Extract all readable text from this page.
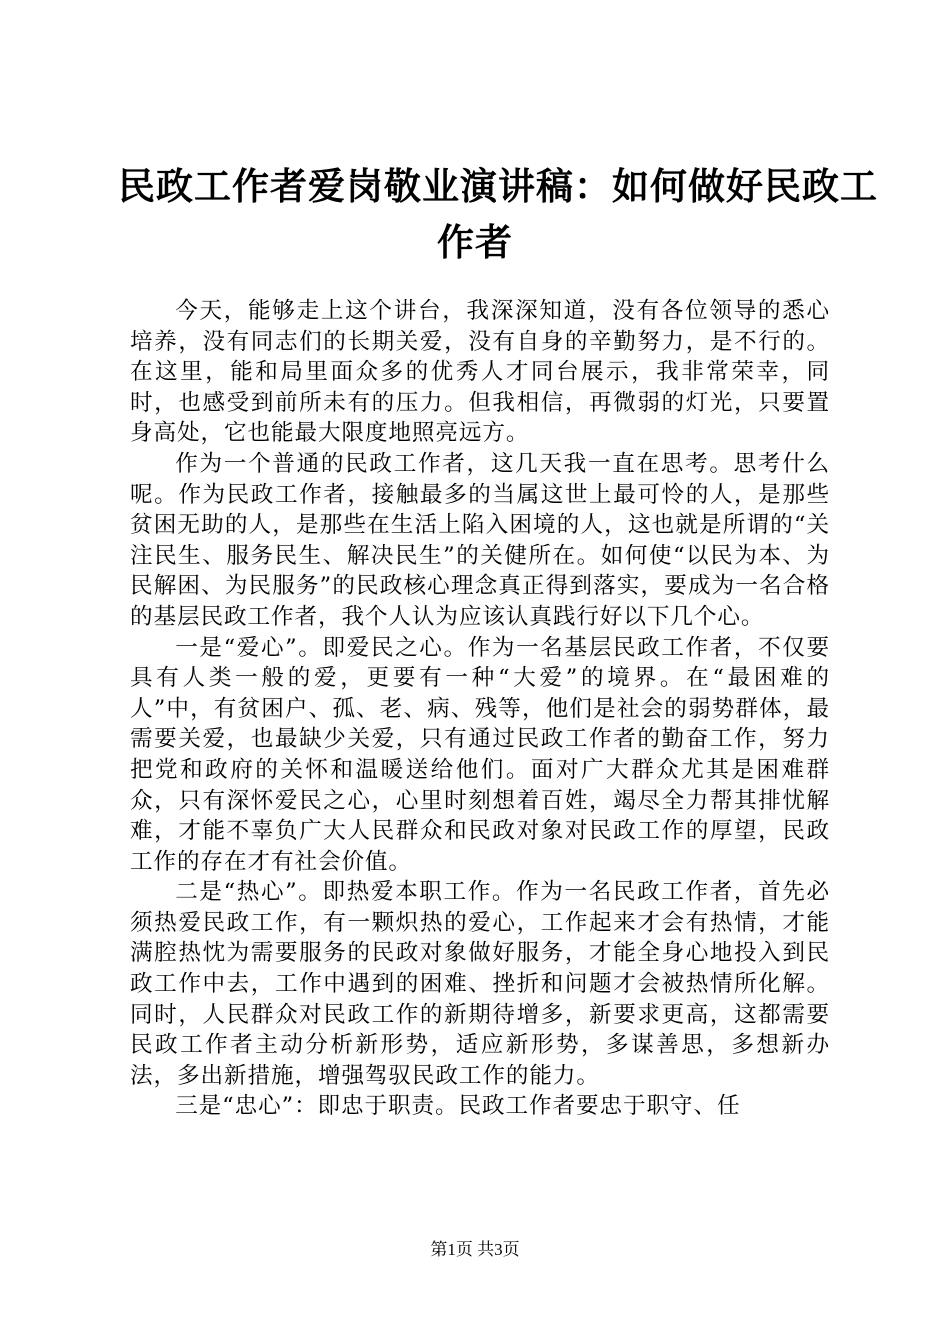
民政工作者爱岗敬业演讲稿：如何做好民政工
作者

今天，能够走上这个讲台，我深深知道，没有各位领导的悉心培养，没有同志们的长期关爱，没有自身的辛勤努力，是不行的。在这里，能和局里面众多的优秀人才同台展示，我非常荣幸，同时，也感受到前所未有的压力。但我相信，再微弱的灯光，只要置身高处，它也能最大限度地照亮远方。

作为一个普通的民政工作者，这几天我一直在思考。思考什么呢。作为民政工作者，接触最多的当属这世上最可怜的人，是那些贫困无助的人，是那些在生活上陷入困境的人，这也就是所谓的“关注民生、服务民生、解决民生”的关健所在。如何使“以民为本、为民解困、为民服务”的民政核心理念真正得到落实，要成为一名合格的基层民政工作者，我个人认为应该认真践行好以下几个心。

一是“爱心”。即爱民之心。作为一名基层民政工作者，不仅要具有人类一般的爱，更要有一种“大爱”的境界。在“最困难的人”中，有贫困户、孤、老、病、残等，他们是社会的弱势群体，最需要关爱，也最缺少关爱，只有通过民政工作者的勤奋工作，努力把党和政府的关怀和温暖送给他们。面对广大群众尤其是困难群众，只有深怀爱民之心，心里时刻想着百姓，竭尽全力帮其排忧解难，才能不辜负广大人民群众和民政对象对民政工作的厚望，民政工作的存在才有社会价值。

二是“热心”。即热爱本职工作。作为一名民政工作者，首先必须热爱民政工作，有一颗炽热的爱心，工作起来才会有热情，才能满腔热忱为需要服务的民政对象做好服务，才能全身心地投入到民政工作中去，工作中遇到的困难、挫折和问题才会被热情所化解。同时，人民群众对民政工作的新期待增多，新要求更高，这都需要民政工作者主动分析新形势，适应新形势，多谋善思，多想新办法，多出新措施，增强驾驭民政工作的能力。

三是“忠心”：即忠于职责。民政工作者要忠于职守、任

第1页 共3页
